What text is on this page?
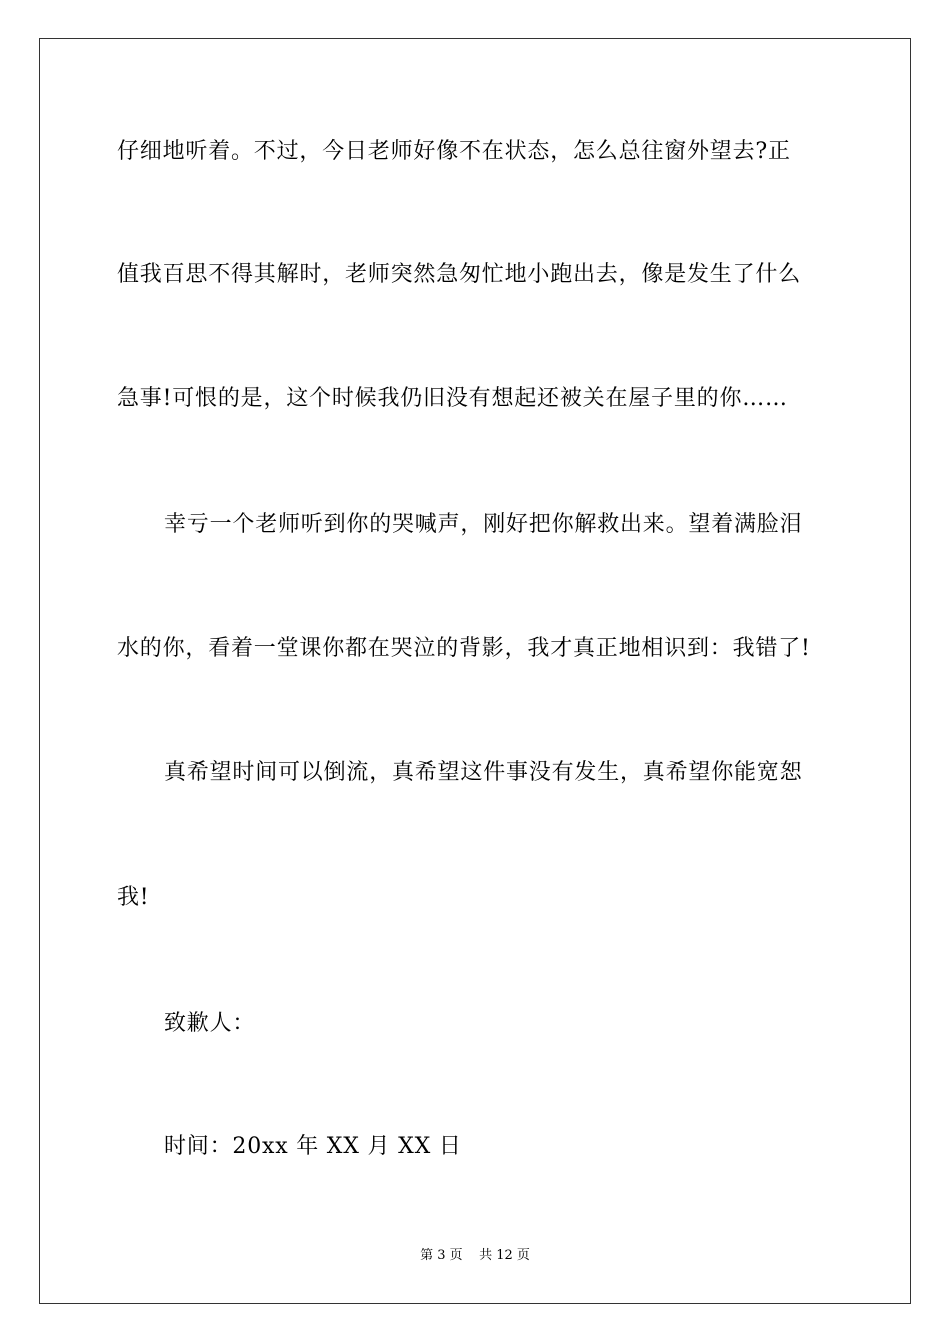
仔细地听着。不过，今日老师好像不在状态，怎么总往窗外望去?正
值我百思不得其解时，老师突然急匆忙地小跑出去，像是发生了什么
急事!可恨的是，这个时候我仍旧没有想起还被关在屋子里的你……
幸亏一个老师听到你的哭喊声，刚好把你解救出来。望着满脸泪
水的你，看着一堂课你都在哭泣的背影，我才真正地相识到：我错了!
真希望时间可以倒流，真希望这件事没有发生，真希望你能宽恕
我!
致歉人：
时间：20xx 年 XX 月 XX 日
第 3 页    共 12 页
